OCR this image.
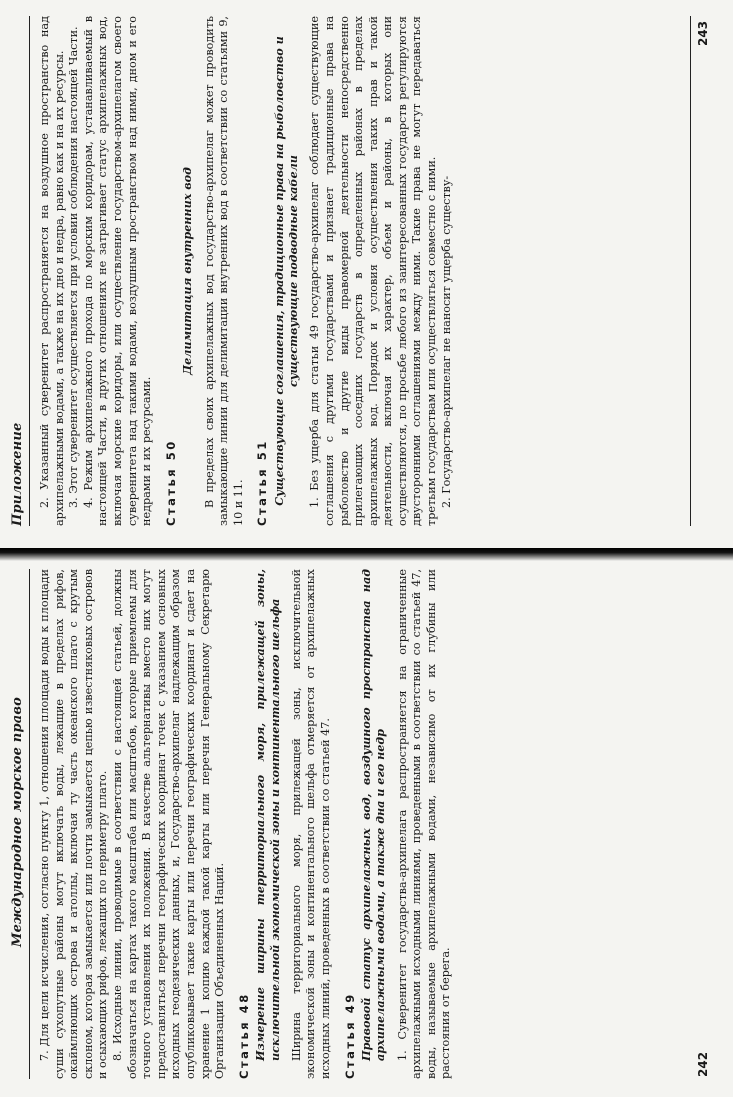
Международное морское право 7. Для цели исчисления, согласно пункту 1, отношения площади воды к площади суши сухопутные районы могут включать воды, лежащие в пределах рифов, окаймляющих острова и атоллы, включая ту часть океанского плато с крутым склоном, которая замыкается или почти замыкается цепью известняковых островов и осыхающих рифов, лежащих по периметру плато. 8. Исходные линии, проводимые в соответствии с настоящей статьей, должны обозначаться на картах такого масштаба или масштабов, которые приемлемы для точного установления их положения. В качестве альтернативы вместо них могут предоставляться перечни географических координат точек с указанием основных исходных геодезических данных, и, Государство-архипелаг надлежащим образом опубликовывает такие карты или перечни географических координат и сдает на хранение 1 копию каждой такой карты или перечня Генеральному Секретарю Организации Объединенных Наций. Статья 48 Измерение ширины территориального моря, прилежащей зоны, исключительной экономической зоны и континентального шельфа Ширина территориального моря, прилежащей зоны, исключительной экономической зоны и континентального шельфа отмеряется от архипелажных исходных линий, проведенных в соответствии со статьей 47. Статья 49 Правовой статус архипелажных вод, воздушного пространства над архипелажными водами, а также дна и его недр 1. Суверенитет государства-архипелага распространяется на ограниченные архипелажными исходными линиями, проведенными в соответствии со статьей 47, воды, называемые архипелажными водами, независимо от их глубины или расстояния от берега.	242
Приложение 2. Указанный суверенитет распространяется на воздушное пространство над архипелажными водами, а также на их дно и недра, равно как и на их ресурсы. 3. Этот суверенитет осуществляется при условии соблюдения настоящей Части. 4. Режим архипелажного прохода по морским коридорам, устанавливаемый в настоящей Части, в других отношениях не затрагивает статус архипелажных вод, включая морские коридоры, или осуществление государством-архипелагом своего суверенитета над такими водами, воздушным пространством над ними, дном и его недрами и их ресурсами. Статья 50
Делимитация внутренних вод В пределах своих архипелажных вод государство-архипелаг может проводить замыкающие линии для делимитации внутренних вод в соответствии со статьями 9, 10 и 11. Статья 51 Существующие соглашения, традиционные права на рыболовство и существующие подводные кабели 1. Без ущерба для статьи 49 государство-архипелаг соблюдает существующие соглашения с другими государствами и признает традиционные права на рыболовство и другие виды правомерной деятельности непосредственно прилегающих соседних государств в определенных районах в пределах архипелажных вод. Порядок и условия осуществления таких прав и такой деятельности, включая их характер, объем и районы, в которых они осуществляются, по просьбе любого из заинтересованных государств регулируются двусторонними соглашениями между ними. Такие права не могут передаваться третьим государствам или осуществляться совместно с ними. 2. Государство-архипелаг не наносит ущерба существу-

243
